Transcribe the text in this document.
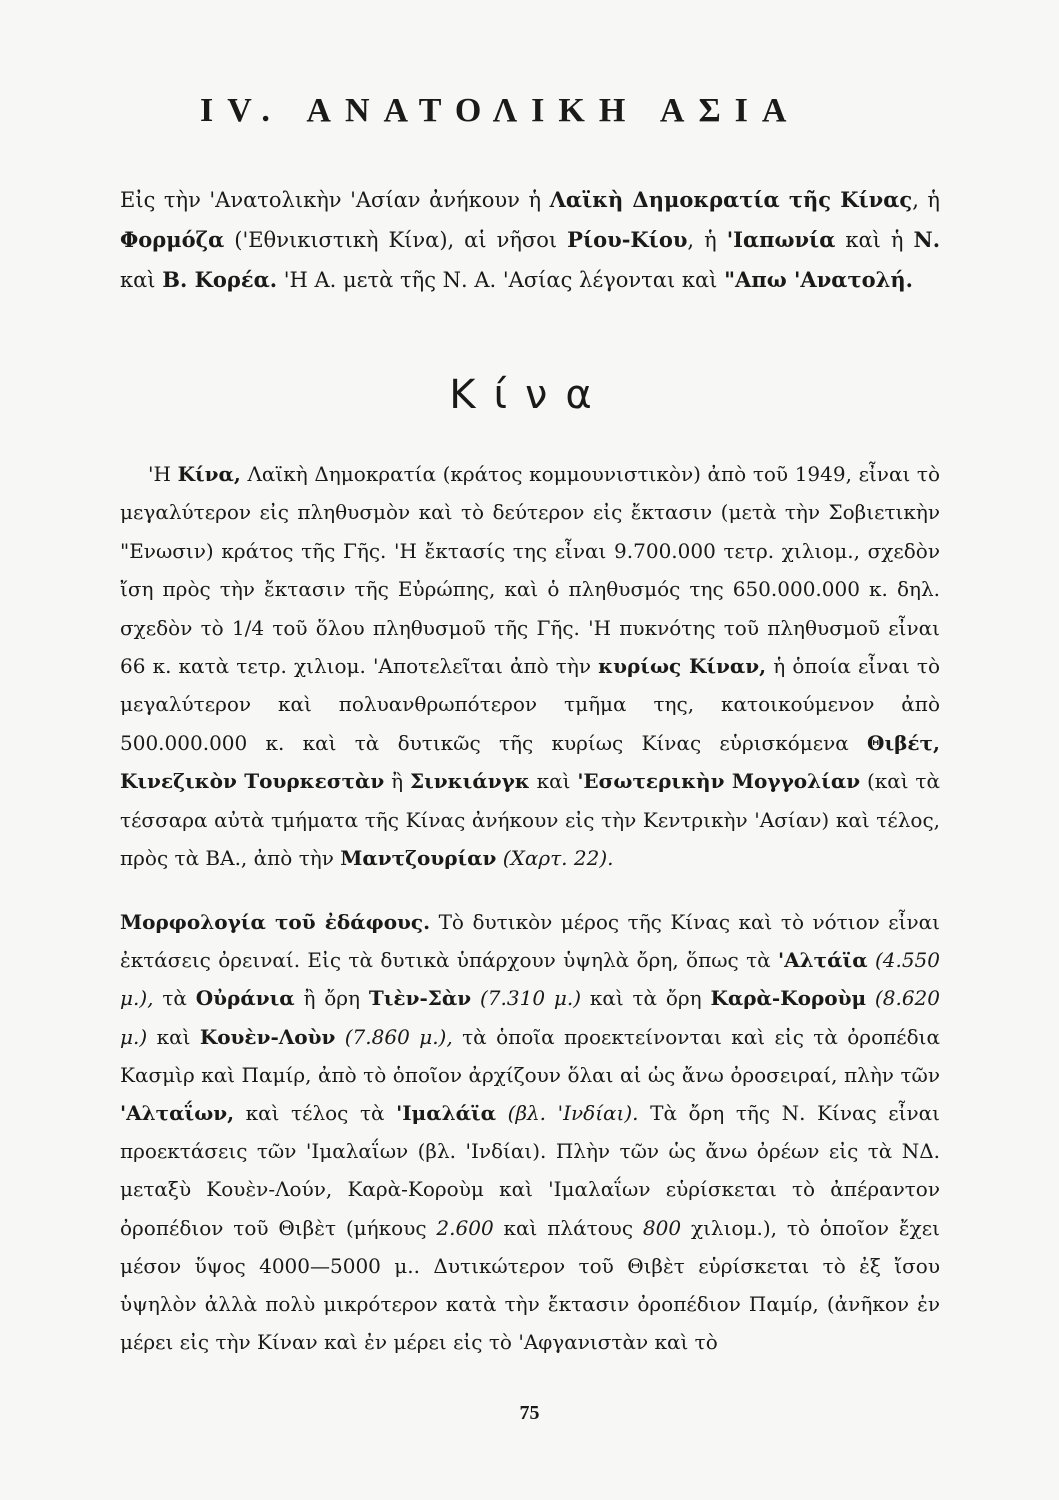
IV. ΑΝΑΤΟΛΙΚΗ ΑΣΙΑ
Εἰς τὴν 'Ανατολικὴν 'Ασίαν ἀνήκουν ἡ Λαϊκὴ Δημοκρατία τῆς Κίνας, ἡ Φορμόζα ('Εθνικιστικὴ Κίνα), αἱ νῆσοι Ρίου-Κίου, ἡ 'Ιαπωνία καὶ ἡ Ν. καὶ Β. Κορέα. 'Η Α. μετὰ τῆς Ν. Α. 'Ασίας λέγονται καὶ "Απω 'Ανατολή.
Κίνα
'Η Κίνα, Λαϊκὴ Δημοκρατία (κράτος κομμουνιστικὸν) ἀπὸ τοῦ 1949, εἶναι τὸ μεγαλύτερον εἰς πληθυσμὸν καὶ τὸ δεύτερον εἰς ἔκτασιν (μετὰ τὴν Σοβιετικὴν "Ενωσιν) κράτος τῆς Γῆς. 'Η ἔκτασίς της εἶναι 9.700.000 τετρ. χιλιομ., σχεδὸν ἴση πρὸς τὴν ἔκτασιν τῆς Εὐρώπης, καὶ ὁ πληθυσμός της 650.000.000 κ. δηλ. σχεδὸν τὸ 1/4 τοῦ ὅλου πληθυσμοῦ τῆς Γῆς. 'Η πυκνότης τοῦ πληθυσμοῦ εἶναι 66 κ. κατὰ τετρ. χιλιομ. 'Αποτελεῖται ἀπὸ τὴν κυρίως Κίναν, ἡ ὁποία εἶναι τὸ μεγαλύτερον καὶ πολυανθρωπότερον τμῆμα της, κατοικούμενον ἀπὸ 500.000.000 κ. καὶ τὰ δυτικῶς τῆς κυρίως Κίνας εὑρισκόμενα Θιβέτ, Κινεζικὸν Τουρκεστὰν ἢ Σινκιάνγκ καὶ 'Εσωτερικὴν Μογγολίαν (καὶ τὰ τέσσαρα αὐτὰ τμήματα τῆς Κίνας ἀνήκουν εἰς τὴν Κεντρικὴν 'Ασίαν) καὶ τέλος, πρὸς τὰ ΒΑ., ἀπὸ τὴν Μαντζουρίαν (Χαρτ. 22).
Μορφολογία τοῦ ἐδάφους. Τὸ δυτικὸν μέρος τῆς Κίνας καὶ τὸ νότιον εἶναι ἐκτάσεις ὀρειναί. Εἰς τὰ δυτικὰ ὑπάρχουν ὑψηλὰ ὄρη, ὅπως τὰ 'Αλτάϊα (4.550 μ.), τὰ Οὐράνια ἢ ὄρη Τιὲν-Σὰν (7.310 μ.) καὶ τὰ ὄρη Καρὰ-Κοροὺμ (8.620 μ.) καὶ Κουὲν-Λοὺν (7.860 μ.), τὰ ὁποῖα προεκτείνονται καὶ εἰς τὰ ὀροπέδια Κασμὶρ καὶ Παμίρ, ἀπὸ τὸ ὁποῖον ἀρχίζουν ὅλαι αἱ ὡς ἄνω ὀροσειραί, πλὴν τῶν 'Αλταΐων, καὶ τέλος τὰ 'Ιμαλάϊα (βλ. 'Ινδίαι). Τὰ ὄρη τῆς Ν. Κίνας εἶναι προεκτάσεις τῶν 'Ιμαλαΐων (βλ. 'Ινδίαι). Πλὴν τῶν ὡς ἄνω ὀρέων εἰς τὰ ΝΔ. μεταξὺ Κουὲν-Λούν, Καρὰ-Κοροὺμ καὶ 'Ιμαλαΐων εὑρίσκεται τὸ ἀπέραντον ὀροπέδιον τοῦ Θιβὲτ (μήκους 2.600 καὶ πλάτους 800 χιλιομ.), τὸ ὁποῖον ἔχει μέσον ὕψος 4000—5000 μ.. Δυτικώτερον τοῦ Θιβὲτ εὑρίσκεται τὸ ἐξ ἴσου ὑψηλὸν ἀλλὰ πολὺ μικρότερον κατὰ τὴν ἔκτασιν ὀροπέδιον Παμίρ, (ἀνῆκον ἐν μέρει εἰς τὴν Κίναν καὶ ἐν μέρει εἰς τὸ 'Αφγανιστὰν καὶ τὸ
75
